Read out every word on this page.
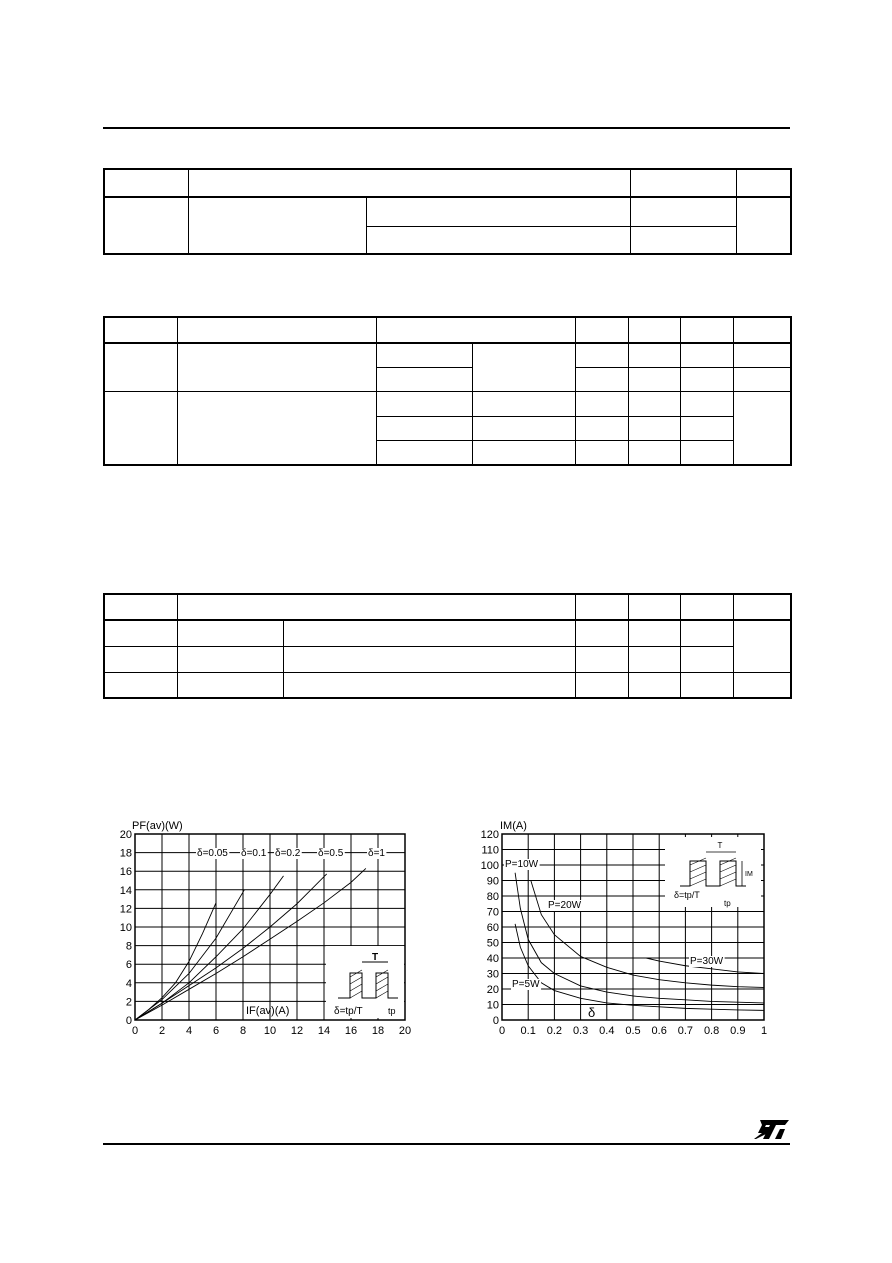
0 2 4 6 8 10 12 14 16 18 20
0
2
4
6
8
10
12
14
16
18
20
PF(av)(W)
δ=0.05 δ=0.1 δ=0.2 δ=0.5 δ=1
IF(av)(A)
T
δ=tp/T	tp
0 0.1 0.2 0.3 0.4 0.5 0.6 0.7 0.8 0.9 1
0
10
20
30
40
50
60
70
80
90
100
110
120
IM(A)
P=5W
P=10W
P=20W
P=30W
δ
T
IM
δ=tp/T
tp
